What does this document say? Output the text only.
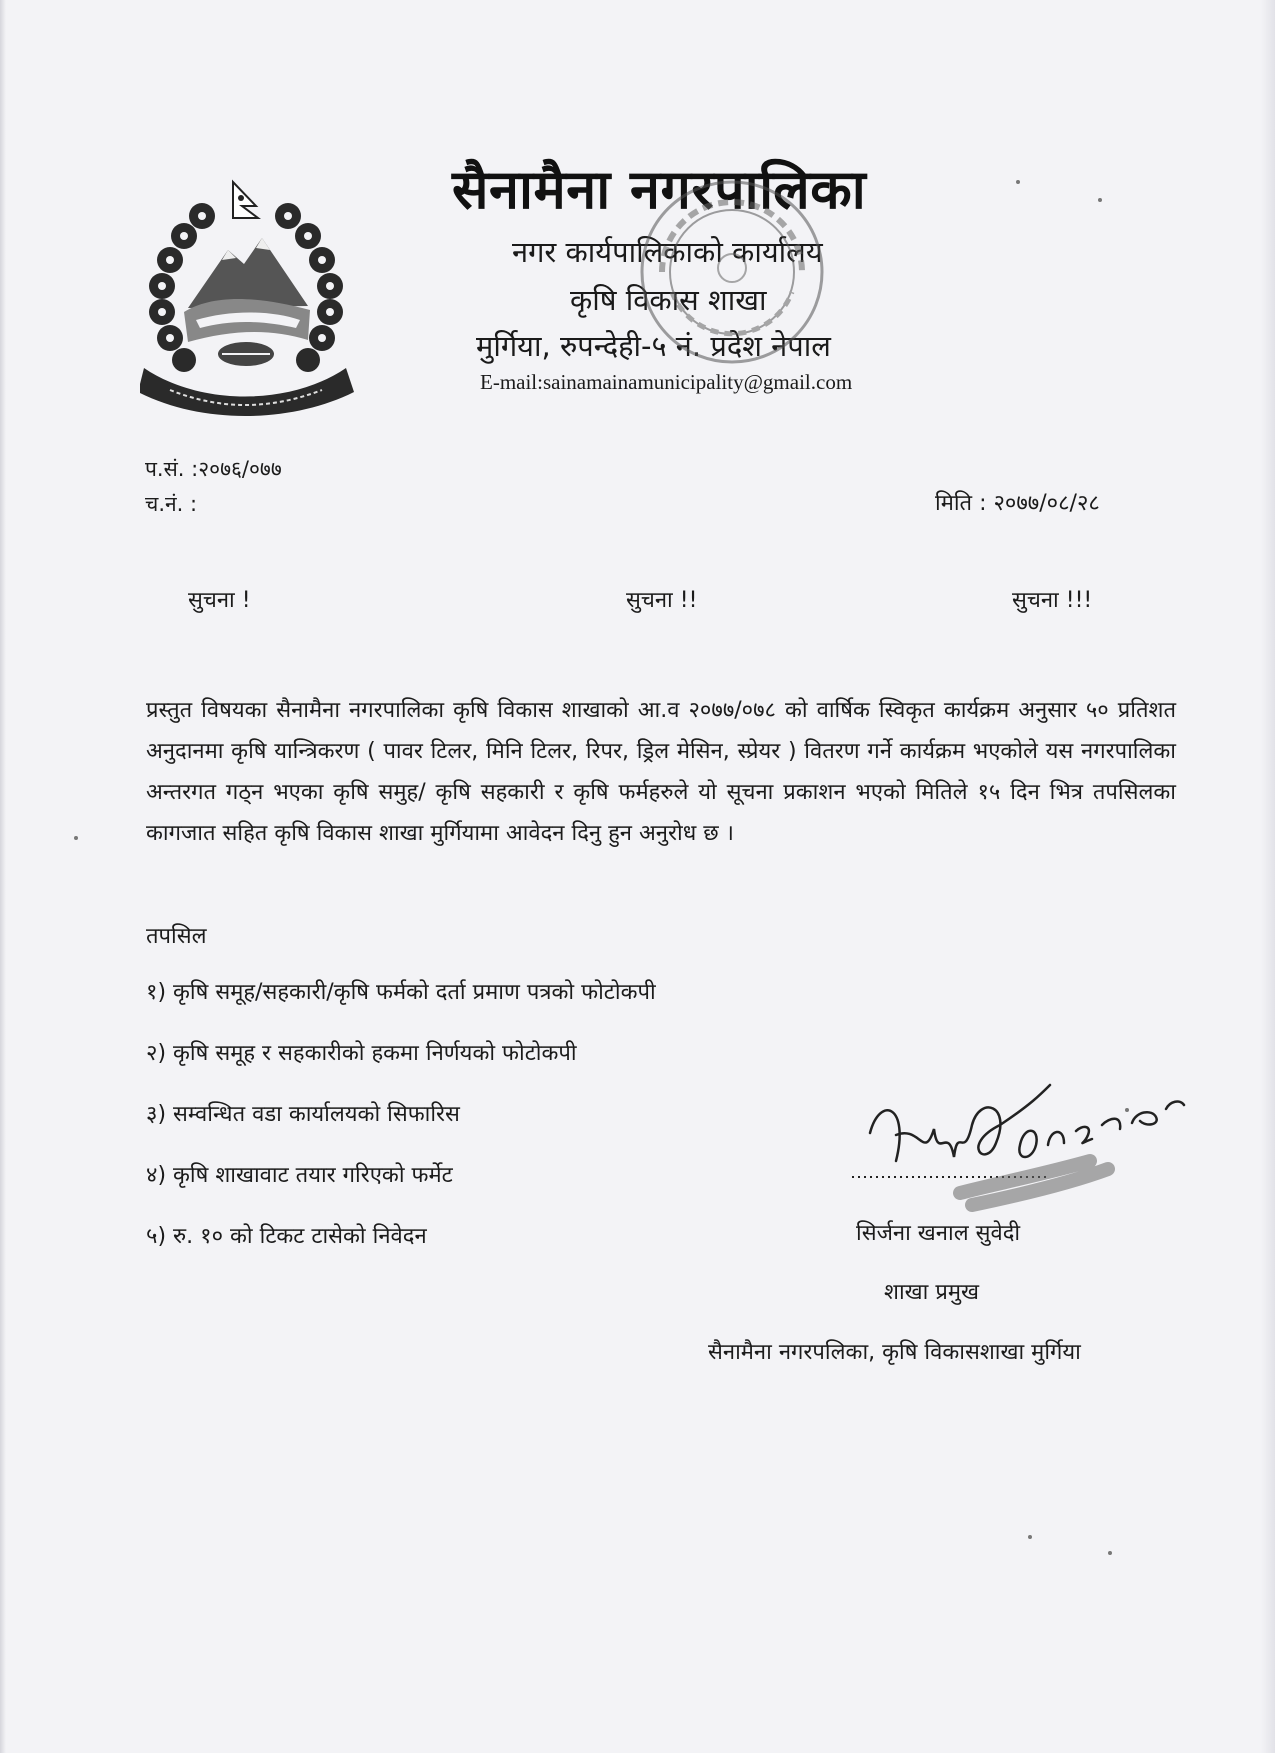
सैनामैना नगरपालिका
नगर कार्यपालिकाको कार्यालय
कृषि विकास शाखा
मुर्गिया, रुपन्देही-५ नं. प्रदेश नेपाल
E-mail:sainamainamunicipality@gmail.com
प.सं. :२०७६/०७७
च.नं. :	मिति : २०७७/०८/२८
सुचना !	सुचना !!	सुचना !!!
प्रस्तुत विषयका सैनामैना नगरपालिका कृषि विकास शाखाको आ.व २०७७/०७८ को वार्षिक स्विकृत कार्यक्रम अनुसार ५० प्रतिशत अनुदानमा कृषि यान्त्रिकरण ( पावर टिलर, मिनि टिलर, रिपर, ड्रिल मेसिन, स्प्रेयर ) वितरण गर्ने कार्यक्रम भएकोले यस नगरपालिका अन्तरगत गठ्न भएका कृषि समुह/ कृषि सहकारी र कृषि फर्महरुले यो सूचना प्रकाशन भएको मितिले १५ दिन भित्र तपसिलका कागजात सहित कृषि विकास शाखा मुर्गियामा आवेदन दिनु हुन अनुरोध छ ।
तपसिल
१) कृषि समूह/सहकारी/कृषि फर्मको दर्ता प्रमाण पत्रको फोटोकपी
२) कृषि समूह र सहकारीको हकमा निर्णयको फोटोकपी
३) सम्वन्धित वडा कार्यालयको सिफारिस
४) कृषि शाखावाट तयार गरिएको फर्मेट
५) रु. १० को टिकट टासेको निवेदन	सिर्जना खनाल सुवेदी
शाखा प्रमुख
सैनामैना नगरपलिका, कृषि विकासशाखा मुर्गिया
